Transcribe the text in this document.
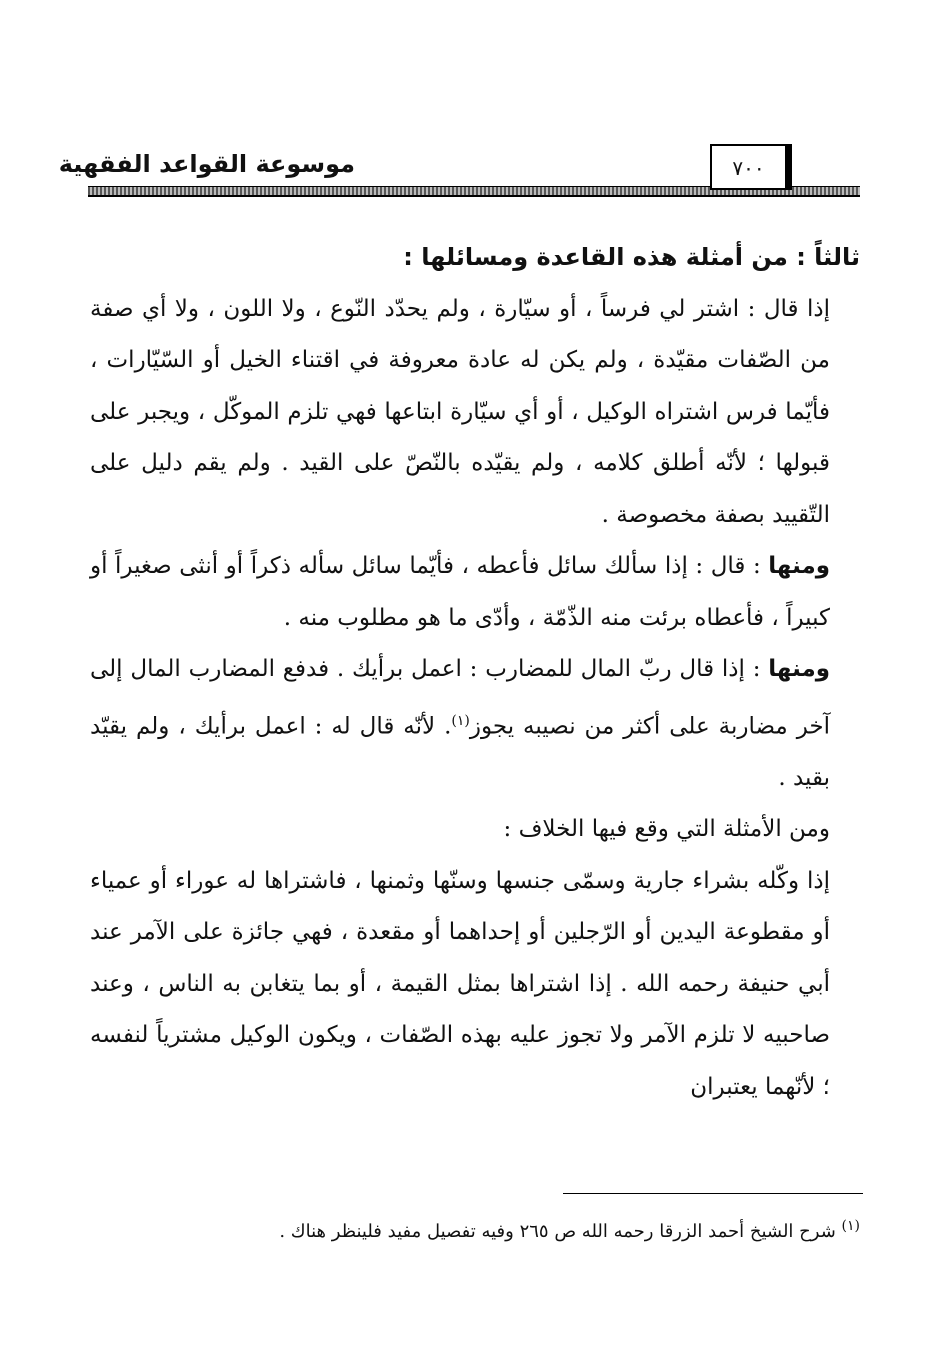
موسوعة القواعد الفقهية	٧٠٠

ثالثاً : من أمثلة هذه القاعدة ومسائلها :

إذا قال : اشتر لي فرساً ، أو سيّارة ، ولم يحدّد النّوع ، ولا اللون ، ولا أي صفة من الصّفات مقيّدة ، ولم يكن له عادة معروفة في اقتناء الخيل أو السّيّارات ، فأيّما فرس اشتراه الوكيل ، أو أي سيّارة ابتاعها فهي تلزم الموكّل ، ويجبر على قبولها ؛ لأنّه أطلق كلامه ، ولم يقيّده بالنّصّ على القيد . ولم يقم دليل على التّقييد بصفة مخصوصة .

ومنها : قال : إذا سألك سائل فأعطه ، فأيّما سائل سأله ذكراً أو أنثى صغيراً أو كبيراً ، فأعطاه برئت منه الذّمّة ، وأدّى ما هو مطلوب منه .

ومنها : إذا قال ربّ المال للمضارب : اعمل برأيك . فدفع المضارب المال إلى آخر مضاربة على أكثر من نصيبه يجوز$^{(١)}$. لأنّه قال له : اعمل برأيك ، ولم يقيّد بقيد .

ومن الأمثلة التي وقع فيها الخلاف :

إذا وكّله بشراء جارية وسمّى جنسها وسنّها وثمنها ، فاشتراها له عوراء أو عمياء أو مقطوعة اليدين أو الرّجلين أو إحداهما أو مقعدة ، فهي جائزة على الآمر عند أبي حنيفة رحمه الله . إذا اشتراها بمثل القيمة ، أو بما يتغابن به الناس ، وعند صاحبيه لا تلزم الآمر ولا تجوز عليه بهذه الصّفات ، ويكون الوكيل مشترياً لنفسه ؛ لأنّهما يعتبران

$^{(١)}$ شرح الشيخ أحمد الزرقا رحمه الله ص ٢٦٥ وفيه تفصيل مفيد فلينظر هناك .
